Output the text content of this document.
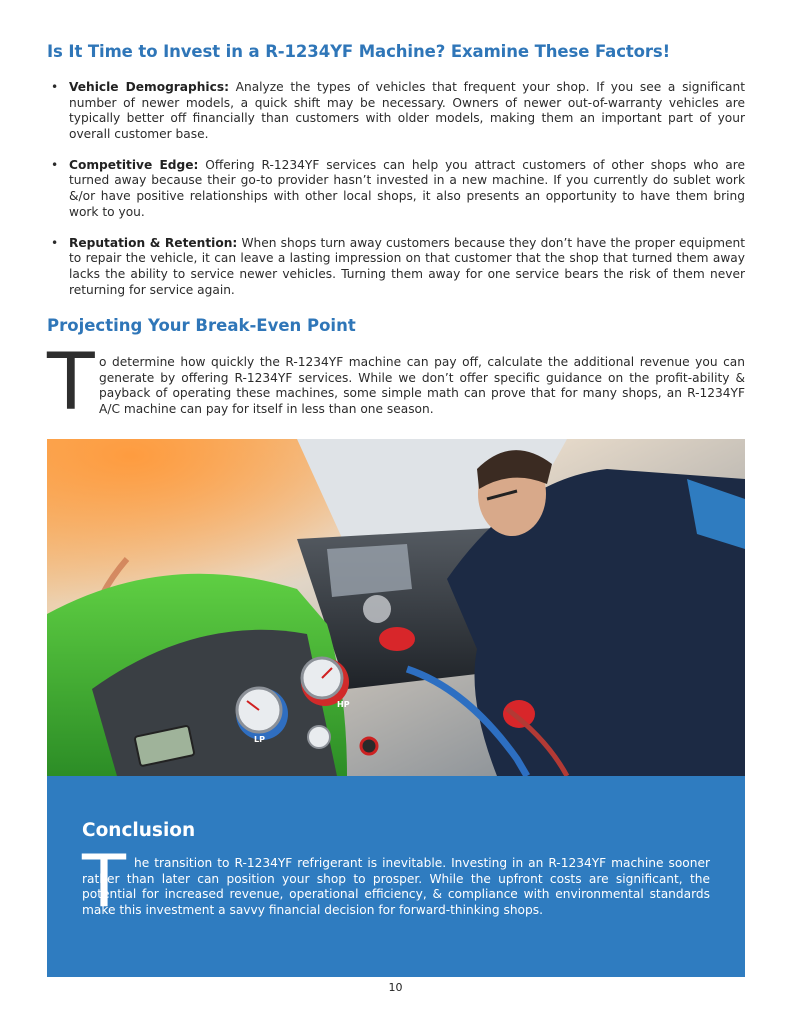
Is It Time to Invest in a R-1234YF Machine? Examine These Factors!
• Vehicle Demographics: Analyze the types of vehicles that frequent your shop. If you see a significant number of newer models, a quick shift may be necessary. Owners of newer out-of-warranty vehicles are typically better off financially than customers with older models, making them an important part of your overall customer base.
• Competitive Edge: Offering R-1234YF services can help you attract customers of other shops who are turned away because their go-to provider hasn’t invested in a new machine. If you currently do sublet work &/or have positive relationships with other local shops, it also presents an opportunity to have them bring work to you.
• Reputation & Retention: When shops turn away customers because they don’t have the proper equipment to repair the vehicle, it can leave a lasting impression on that customer that the shop that turned them away lacks the ability to service newer vehicles. Turning them away for one service bears the risk of them never returning for service again.
Projecting Your Break-Even Point
T o determine how quickly the R-1234YF machine can pay off, calculate the additional revenue you can generate by offering R-1234YF services. While we don’t offer specific guidance on the profit-ability & payback of operating these machines, some simple math can prove that for many shops, an R-1234YF A/C machine can pay for itself in less than one season.
LP
HP
Conclusion
T he transition to R-1234YF refrigerant is inevitable. Investing in an R-1234YF machine sooner rather than later can position your shop to prosper. While the upfront costs are significant, the potential for increased revenue, operational efficiency, & compliance with environmental standards make this investment a savvy financial decision for forward-thinking shops.
10
